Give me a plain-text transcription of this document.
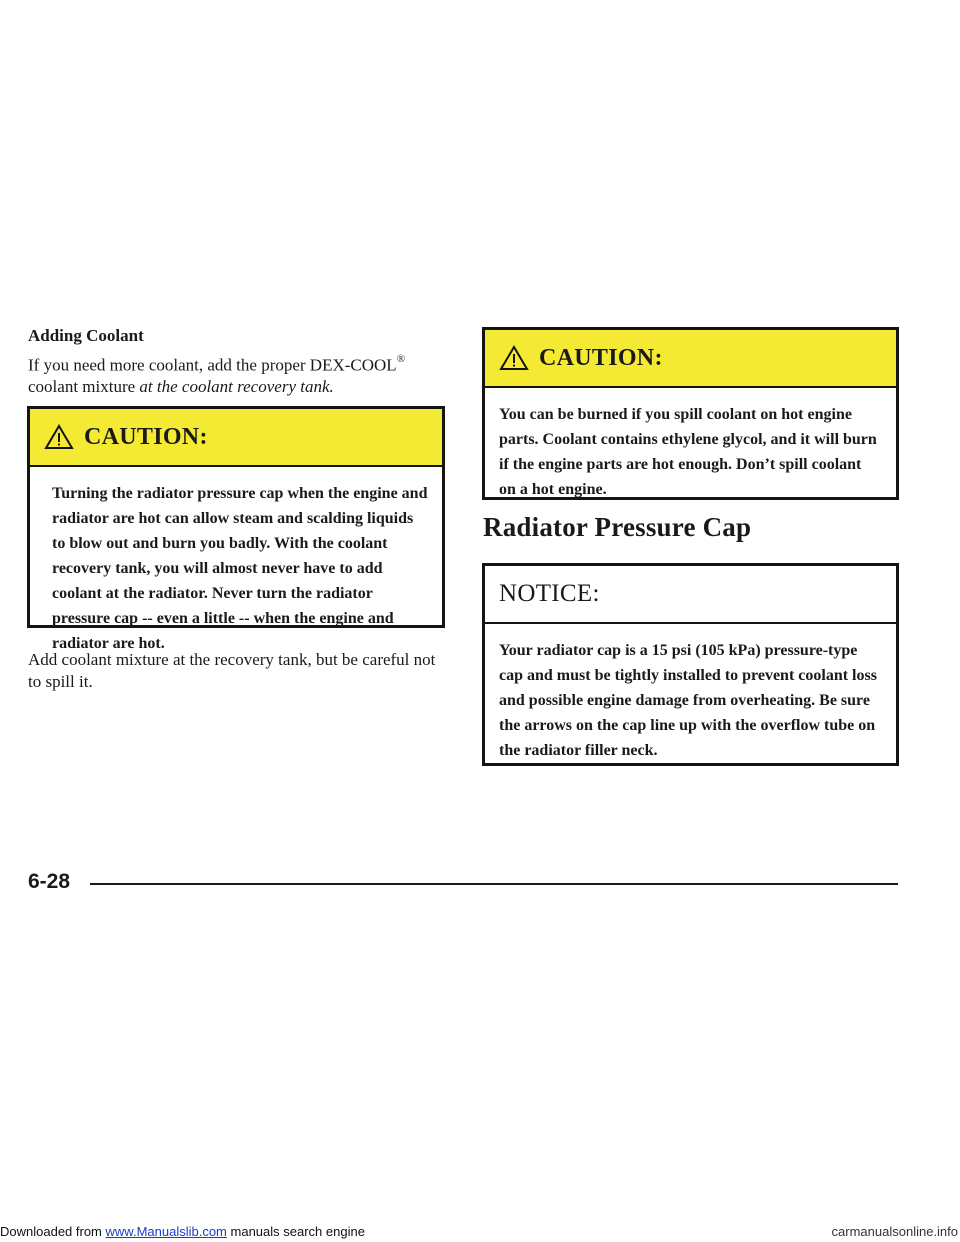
Adding Coolant

If you need more coolant, add the proper DEX-COOL® coolant mixture at the coolant recovery tank.

CAUTION:

Turning the radiator pressure cap when the engine and radiator are hot can allow steam and scalding liquids to blow out and burn you badly. With the coolant recovery tank, you will almost never have to add coolant at the radiator. Never turn the radiator pressure cap -- even a little -- when the engine and radiator are hot.

Add coolant mixture at the recovery tank, but be careful not to spill it.

CAUTION:

You can be burned if you spill coolant on hot engine parts. Coolant contains ethylene glycol, and it will burn if the engine parts are hot enough. Don’t spill coolant on a hot engine.

Radiator Pressure Cap
NOTICE:

Your radiator cap is a 15 psi (105 kPa) pressure-type cap and must be tightly installed to prevent coolant loss and possible engine damage from overheating. Be sure the arrows on the cap line up with the overflow tube on the radiator filler neck.

6-28
Downloaded from www.Manualslib.com manuals search engine	carmanualsonline.info
